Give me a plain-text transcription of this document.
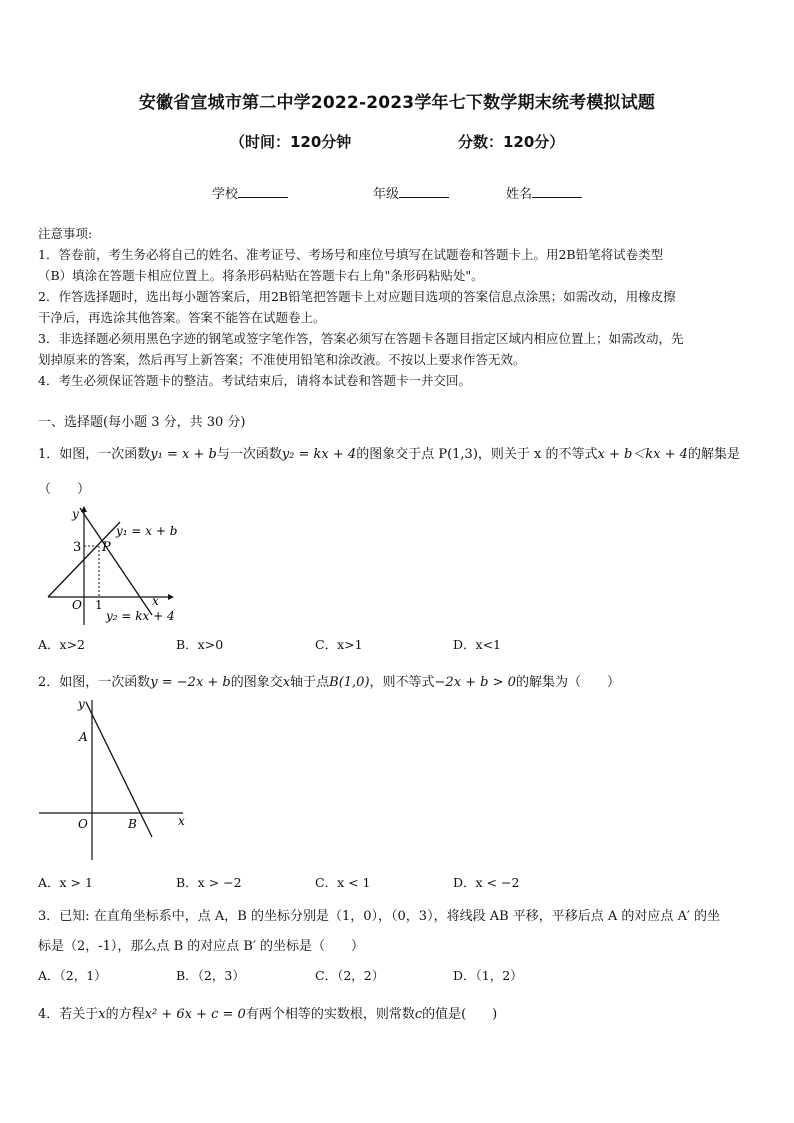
安徽省宣城市第二中学2022-2023学年七下数学期末统考模拟试题
（时间：120分钟	分数：120分）
学校	年级	姓名
注意事项:
1．答卷前，考生务必将自己的姓名、准考证号、考场号和座位号填写在试题卷和答题卡上。用2B铅笔将试卷类型
（B）填涂在答题卡相应位置上。将条形码粘贴在答题卡右上角"条形码粘贴处"。
2．作答选择题时，选出每小题答案后，用2B铅笔把答题卡上对应题目选项的答案信息点涂黑；如需改动，用橡皮擦
干净后，再选涂其他答案。答案不能答在试题卷上。
3．非选择题必须用黑色字迹的钢笔或签字笔作答，答案必须写在答题卡各题目指定区域内相应位置上；如需改动，先
划掉原来的答案，然后再写上新答案；不准使用铅笔和涂改液。不按以上要求作答无效。
4．考生必须保证答题卡的整洁。考试结束后，请将本试卷和答题卡一并交回。
一、选择题(每小题 3 分，共 30 分)
1．如图，一次函数y₁ = x + b与一次函数y₂ = kx + 4的图象交于点 P(1,3)，则关于 x 的不等式x + b＜kx + 4的解集是
（　　）
y
x
O
3
1
P
y₁ = x + b
y₂ = kx + 4
A．x>2	B．x>0	C．x>1	D．x<1
2．如图，一次函数y = −2x + b的图象交x轴于点B(1,0)，则不等式−2x + b > 0的解集为（　　）
y
x
O
A
B
A．x > 1	B．x > −2	C．x < 1	D．x < −2
3．已知: 在直角坐标系中，点 A，B 的坐标分别是（1，0），（0，3），将线段 AB 平移，平移后点 A 的对应点 A′ 的坐
标是（2，-1），那么点 B 的对应点 B′ 的坐标是（　　）
A．（2，1）	B．（2，3）	C．（2，2）	D．（1，2）
4．若关于x的方程x² + 6x + c = 0有两个相等的实数根，则常数c的值是(　　)
